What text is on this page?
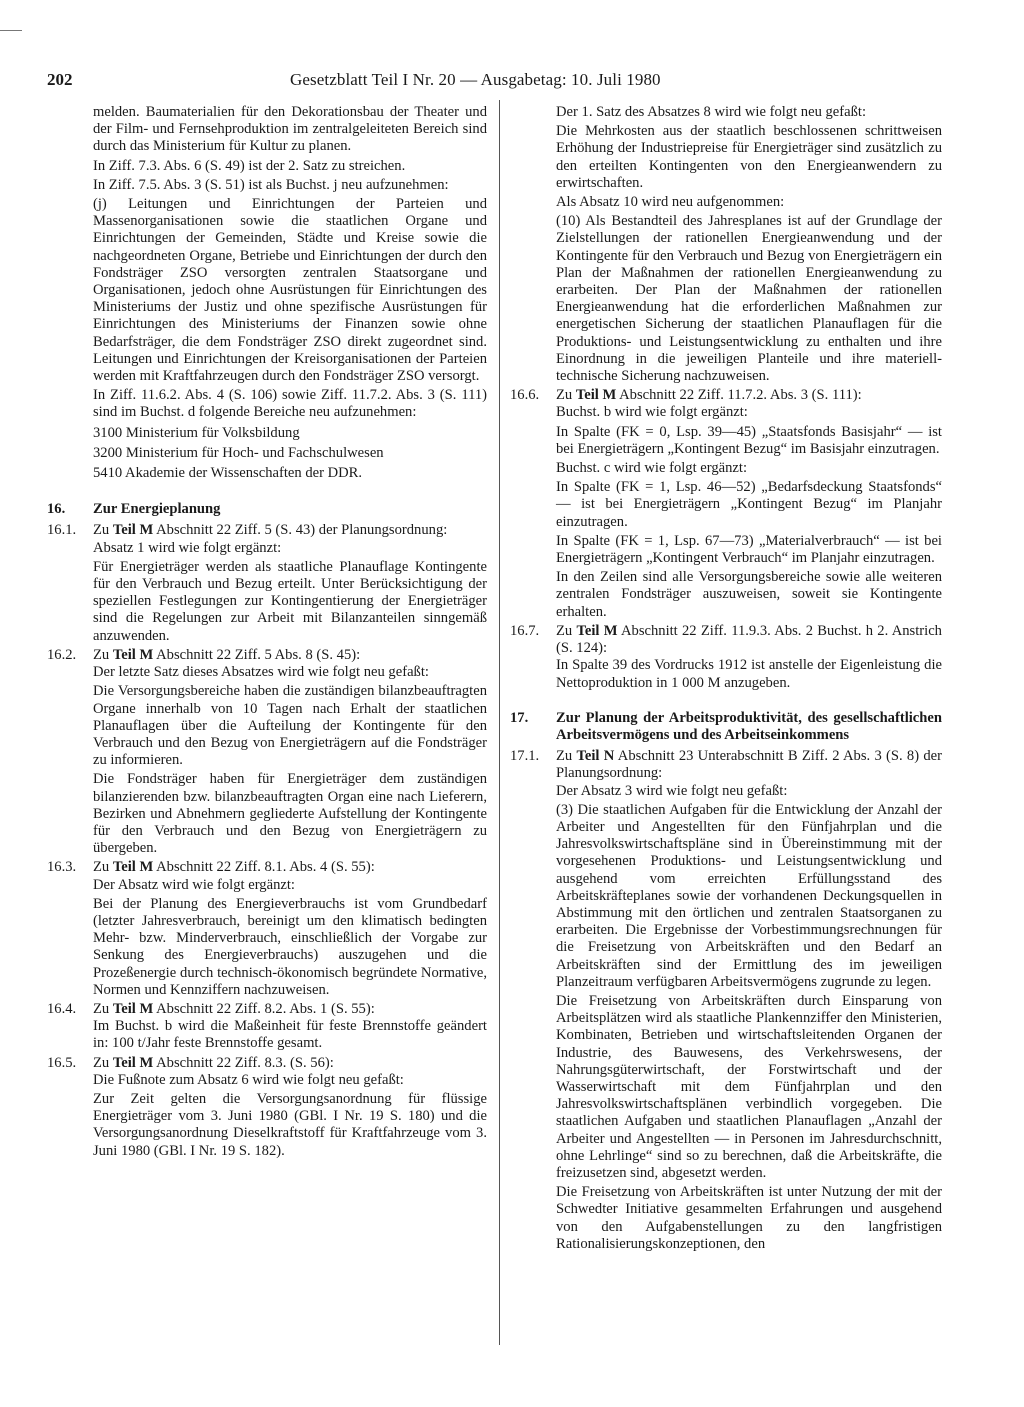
202	Gesetzblatt Teil I Nr. 20 — Ausgabetag: 10. Juli 1980

melden. Baumaterialien für den Dekorationsbau der Theater und der Film- und Fernsehproduktion im zentralgeleiteten Bereich sind durch das Ministerium für Kultur zu planen.

In Ziff. 7.3. Abs. 6 (S. 49) ist der 2. Satz zu streichen.

In Ziff. 7.5. Abs. 3 (S. 51) ist als Buchst. j neu aufzunehmen:

(j) Leitungen und Einrichtungen der Parteien und Massenorganisationen sowie die staatlichen Organe und Einrichtungen der Gemeinden, Städte und Kreise sowie die nachgeordneten Organe, Betriebe und Einrichtungen der durch den Fondsträger ZSO versorgten zentralen Staatsorgane und Organisationen, jedoch ohne Ausrüstungen für Einrichtungen des Ministeriums der Justiz und ohne spezifische Ausrüstungen für Einrichtungen des Ministeriums der Finanzen sowie ohne Bedarfsträger, die dem Fondsträger ZSO direkt zugeordnet sind. Leitungen und Einrichtungen der Kreisorganisationen der Parteien werden mit Kraftfahrzeugen durch den Fondsträger ZSO versorgt.

In Ziff. 11.6.2. Abs. 4 (S. 106) sowie Ziff. 11.7.2. Abs. 3 (S. 111) sind im Buchst. d folgende Bereiche neu aufzunehmen:

3100 Ministerium für Volksbildung
3200 Ministerium für Hoch- und Fachschulwesen
5410 Akademie der Wissenschaften der DDR.
16.	Zur Energieplanung
16.1.	Zu Teil M Abschnitt 22 Ziff. 5 (S. 43) der Planungsordnung:

Absatz 1 wird wie folgt ergänzt:

Für Energieträger werden als staatliche Planauflage Kontingente für den Verbrauch und Bezug erteilt. Unter Berücksichtigung der speziellen Festlegungen zur Kontingentierung der Energieträger sind die Regelungen zur Arbeit mit Bilanzanteilen sinngemäß anzuwenden.

16.2.	Zu Teil M Abschnitt 22 Ziff. 5 Abs. 8 (S. 45):

Der letzte Satz dieses Absatzes wird wie folgt neu gefaßt:

Die Versorgungsbereiche haben die zuständigen bilanzbeauftragten Organe innerhalb von 10 Tagen nach Erhalt der staatlichen Planauflagen über die Aufteilung der Kontingente für den Verbrauch und den Bezug von Energieträgern auf die Fondsträger zu informieren.

Die Fondsträger haben für Energieträger dem zuständigen bilanzierenden bzw. bilanzbeauftragten Organ eine nach Lieferern, Bezirken und Abnehmern gegliederte Aufstellung der Kontingente für den Verbrauch und den Bezug von Energieträgern zu übergeben.

16.3.	Zu Teil M Abschnitt 22 Ziff. 8.1. Abs. 4 (S. 55):

Der Absatz wird wie folgt ergänzt:

Bei der Planung des Energieverbrauchs ist vom Grundbedarf (letzter Jahresverbrauch, bereinigt um den klimatisch bedingten Mehr- bzw. Minderverbrauch, einschließlich der Vorgabe zur Senkung des Energieverbrauchs) auszugehen und die Prozeßenergie durch technisch-ökonomisch begründete Normative, Normen und Kennziffern nachzuweisen.

16.4.	Zu Teil M Abschnitt 22 Ziff. 8.2. Abs. 1 (S. 55):

Im Buchst. b wird die Maßeinheit für feste Brennstoffe geändert in: 100 t/Jahr feste Brennstoffe gesamt.

16.5.	Zu Teil M Abschnitt 22 Ziff. 8.3. (S. 56):

Die Fußnote zum Absatz 6 wird wie folgt neu gefaßt:

Zur Zeit gelten die Versorgungsanordnung für flüssige Energieträger vom 3. Juni 1980 (GBl. I Nr. 19 S. 180) und die Versorgungsanordnung Dieselkraftstoff für Kraftfahrzeuge vom 3. Juni 1980 (GBl. I Nr. 19 S. 182).

Der 1. Satz des Absatzes 8 wird wie folgt neu gefaßt:

Die Mehrkosten aus der staatlich beschlossenen schrittweisen Erhöhung der Industriepreise für Energieträger sind zusätzlich zu den erteilten Kontingenten von den Energieanwendern zu erwirtschaften.

Als Absatz 10 wird neu aufgenommen:

(10) Als Bestandteil des Jahresplanes ist auf der Grundlage der Zielstellungen der rationellen Energieanwendung und der Kontingente für den Verbrauch und Bezug von Energieträgern ein Plan der Maßnahmen der rationellen Energieanwendung zu erarbeiten. Der Plan der Maßnahmen der rationellen Energieanwendung hat die erforderlichen Maßnahmen zur energetischen Sicherung der staatlichen Planauflagen für die Produktions- und Leistungsentwicklung zu enthalten und ihre Einordnung in die jeweiligen Planteile und ihre materiell-technische Sicherung nachzuweisen.

16.6.	Zu Teil M Abschnitt 22 Ziff. 11.7.2. Abs. 3 (S. 111):

Buchst. b wird wie folgt ergänzt:

In Spalte (FK = 0, Lsp. 39—45) „Staatsfonds Basisjahr“ — ist bei Energieträgern „Kontingent Bezug“ im Basisjahr einzutragen.

Buchst. c wird wie folgt ergänzt:

In Spalte (FK = 1, Lsp. 46—52) „Bedarfsdeckung Staatsfonds“ — ist bei Energieträgern „Kontingent Bezug“ im Planjahr einzutragen.

In Spalte (FK = 1, Lsp. 67—73) „Materialverbrauch“ — ist bei Energieträgern „Kontingent Verbrauch“ im Planjahr einzutragen.

In den Zeilen sind alle Versorgungsbereiche sowie alle weiteren zentralen Fondsträger auszuweisen, soweit sie Kontingente erhalten.

16.7.	Zu Teil M Abschnitt 22 Ziff. 11.9.3. Abs. 2 Buchst. h 2. Anstrich (S. 124):

In Spalte 39 des Vordrucks 1912 ist anstelle der Eigenleistung die Nettoproduktion in 1 000 M anzugeben.

17.	Zur Planung der Arbeitsproduktivität, des gesellschaftlichen Arbeitsvermögens und des Arbeitseinkommens
17.1.	Zu Teil N Abschnitt 23 Unterabschnitt B Ziff. 2 Abs. 3 (S. 8) der Planungsordnung:

Der Absatz 3 wird wie folgt neu gefaßt:

(3) Die staatlichen Aufgaben für die Entwicklung der Anzahl der Arbeiter und Angestellten für den Fünfjahrplan und die Jahresvolkswirtschaftspläne sind in Übereinstimmung mit der vorgesehenen Produktions- und Leistungsentwicklung und ausgehend vom erreichten Erfüllungsstand des Arbeitskräfteplanes sowie der vorhandenen Deckungsquellen in Abstimmung mit den örtlichen und zentralen Staatsorganen zu erarbeiten. Die Ergebnisse der Vorbestimmungsrechnungen für die Freisetzung von Arbeitskräften und den Bedarf an Arbeitskräften sind der Ermittlung des im jeweiligen Planzeitraum verfügbaren Arbeitsvermögens zugrunde zu legen.

Die Freisetzung von Arbeitskräften durch Einsparung von Arbeitsplätzen wird als staatliche Plankennziffer den Ministerien, Kombinaten, Betrieben und wirtschaftsleitenden Organen der Industrie, des Bauwesens, des Verkehrswesens, der Nahrungsgüterwirtschaft, der Forstwirtschaft und der Wasserwirtschaft mit dem Fünfjahrplan und den Jahresvolkswirtschaftsplänen verbindlich vorgegeben. Die staatlichen Aufgaben und staatlichen Planauflagen „Anzahl der Arbeiter und Angestellten — in Personen im Jahresdurchschnitt, ohne Lehrlinge“ sind so zu berechnen, daß die Arbeitskräfte, die freizusetzen sind, abgesetzt werden.

Die Freisetzung von Arbeitskräften ist unter Nutzung der mit der Schwedter Initiative gesammelten Erfahrungen und ausgehend von den Aufgabenstellungen zu den langfristigen Rationalisierungskonzeptionen, den
